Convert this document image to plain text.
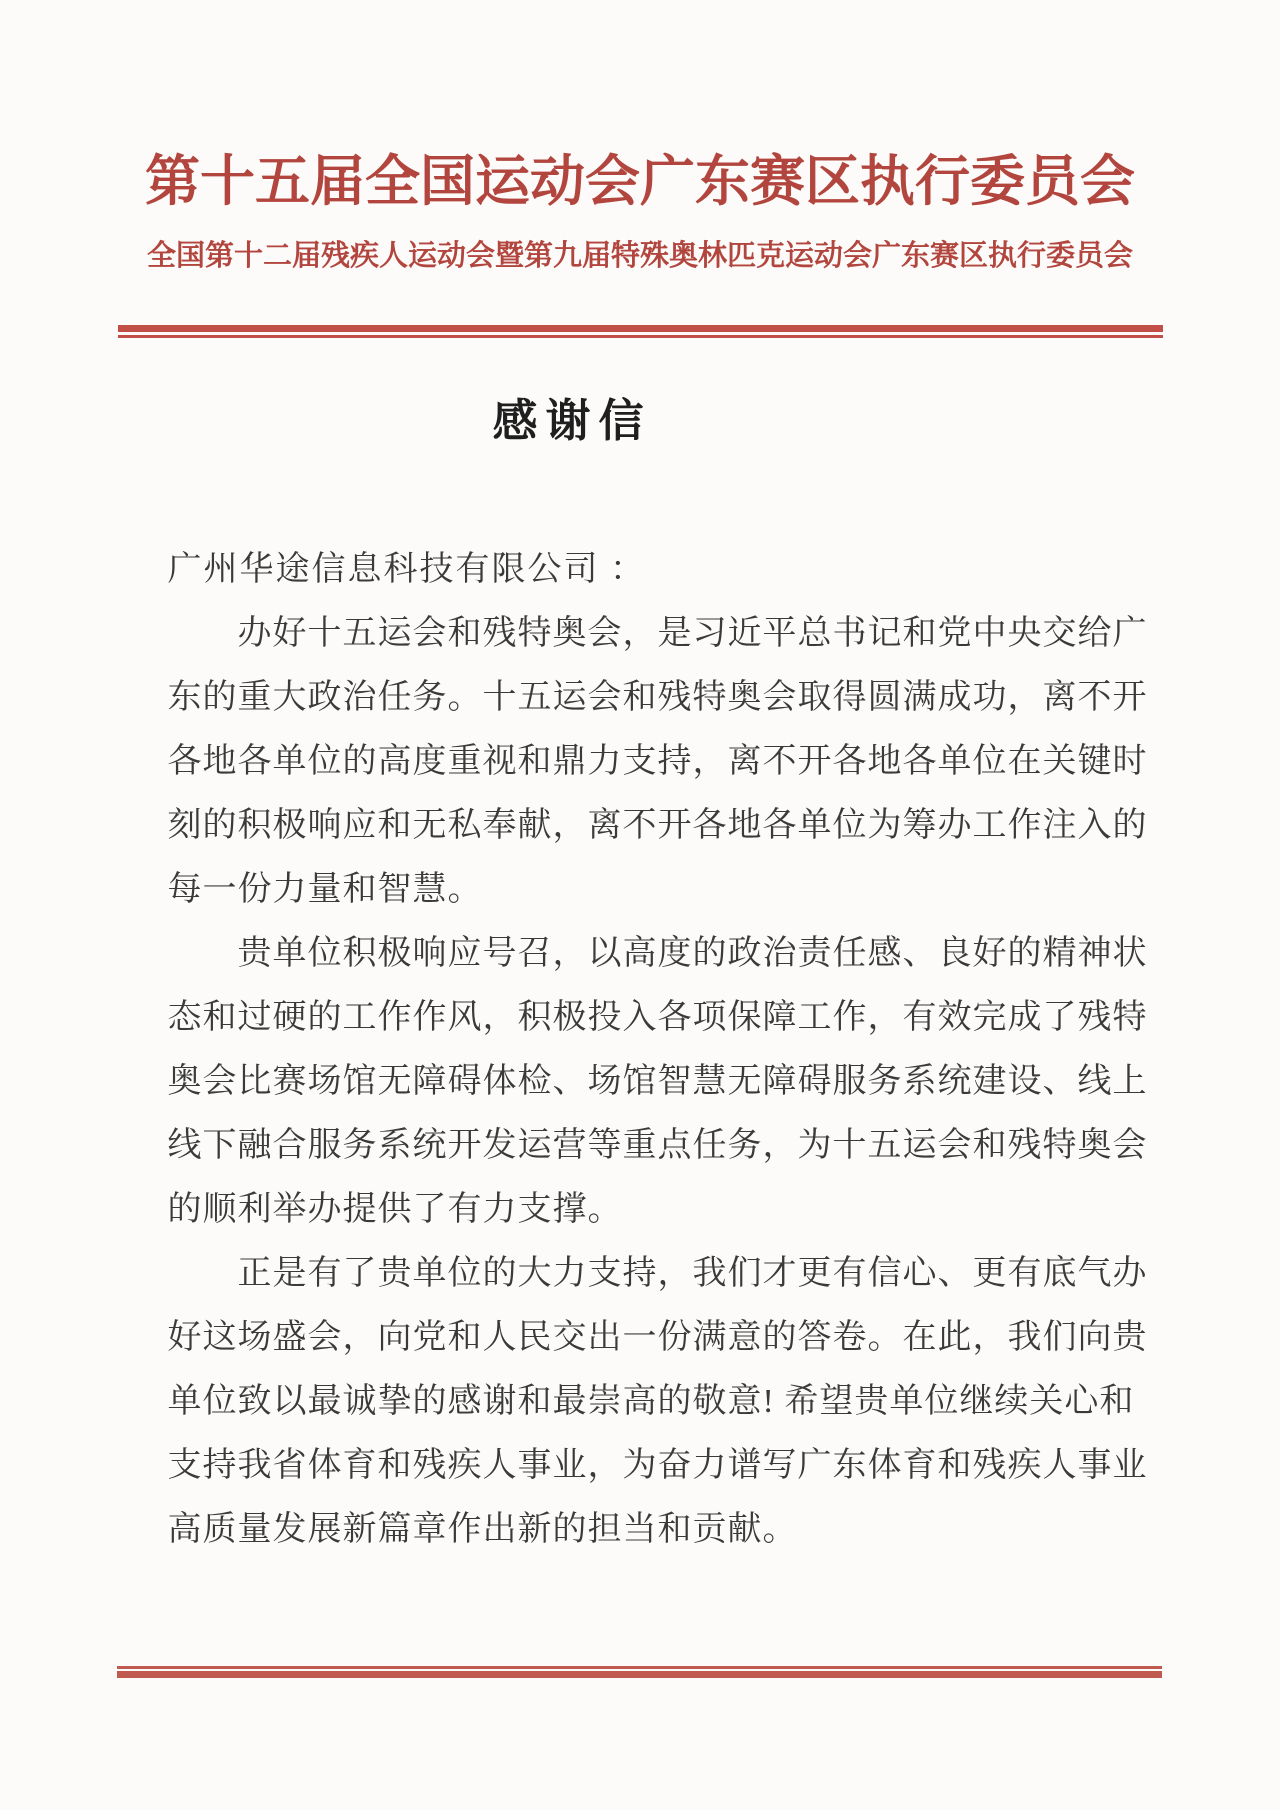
第十五届全国运动会广东赛区执行委员会
全国第十二届残疾人运动会暨第九届特殊奥林匹克运动会广东赛区执行委员会
感谢信
广州华途信息科技有限公司 ：
办好十五运会和残特奥会，是习近平总书记和党中央交给广
东的重大政治任务。十五运会和残特奥会取得圆满成功，离不开
各地各单位的高度重视和鼎力支持，离不开各地各单位在关键时
刻的积极响应和无私奉献，离不开各地各单位为筹办工作注入的
每一份力量和智慧。
贵单位积极响应号召，以高度的政治责任感、良好的精神状
态和过硬的工作作风，积极投入各项保障工作，有效完成了残特
奥会比赛场馆无障碍体检、场馆智慧无障碍服务系统建设、线上
线下融合服务系统开发运营等重点任务，为十五运会和残特奥会
的顺利举办提供了有力支撑。
正是有了贵单位的大力支持，我们才更有信心、更有底气办
好这场盛会，向党和人民交出一份满意的答卷。在此，我们向贵
单位致以最诚挚的感谢和最崇高的敬意! 希望贵单位继续关心和
支持我省体育和残疾人事业，为奋力谱写广东体育和残疾人事业
高质量发展新篇章作出新的担当和贡献。
